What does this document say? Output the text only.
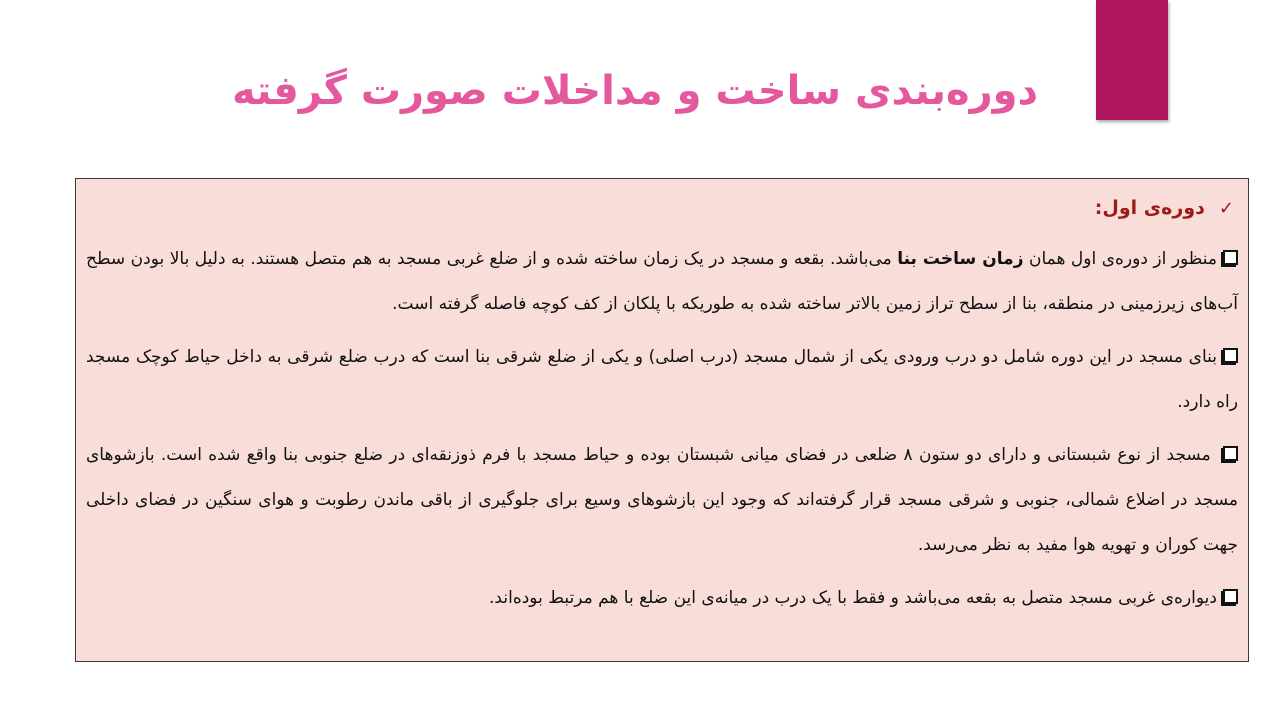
دوره‌بندی ساخت و مداخلات صورت گرفته
✓
دوره‌ی اول:

منظور از دوره‌ی اول همان زمان ساخت بنا می‌باشد. بقعه و مسجد در یک زمان ساخته شده و از ضلع غربی مسجد به هم متصل هستند. به دلیل بالا بودن سطح آب‌های زیرزمینی در منطقه، بنا از سطح تراز زمین بالاتر ساخته شده به طوریکه با پلکان از کف کوچه فاصله گرفته است.

بنای مسجد در این دوره شامل دو درب ورودی یکی از شمال مسجد (درب اصلی) و یکی از ضلع شرقی بنا است که درب ضلع شرقی به داخل حیاط کوچک مسجد راه دارد.

مسجد از نوع شبستانی و دارای دو ستون ۸ ضلعی در فضای میانی شبستان بوده و حیاط مسجد با فرم ذوزنقه‌ای در ضلع جنوبی بنا واقع شده است. بازشوهای مسجد در اضلاع شمالی، جنوبی و شرقی مسجد قرار گرفته‌اند که وجود این بازشوهای وسیع برای جلوگیری از باقی ماندن رطوبت و هوای سنگین در فضای داخلی جهت کوران و تهویه هوا مفید به نظر می‌رسد.

دیواره‌ی غربی مسجد متصل به بقعه می‌باشد و فقط با یک درب در میانه‌ی این ضلع با هم مرتبط بوده‌اند.
